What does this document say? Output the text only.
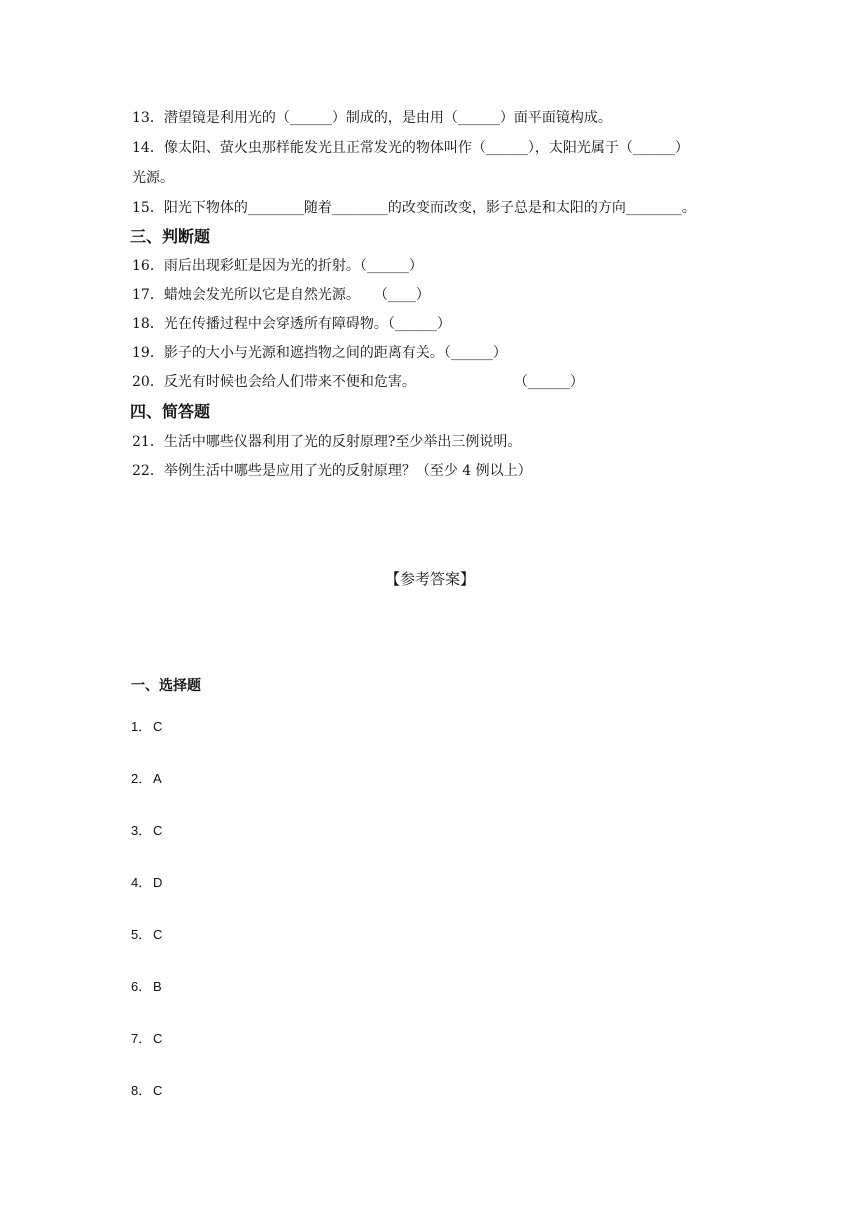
13．潜望镜是利用光的（______）制成的，是由用（______）面平面镜构成。
14．像太阳、萤火虫那样能发光且正常发光的物体叫作（______），太阳光属于（______）
光源。
15．阳光下物体的________随着________的改变而改变，影子总是和太阳的方向________。
三、判断题
16．雨后出现彩虹是因为光的折射。（______）
17．蜡烛会发光所以它是自然光源。　　（____）
18．光在传播过程中会穿透所有障碍物。（______）
19．影子的大小与光源和遮挡物之间的距离有关。（______）
20．反光有时候也会给人们带来不便和危害。　　　　　　　　（______）
四、简答题
21．生活中哪些仪器利用了光的反射原理?至少举出三例说明。
22．举例生活中哪些是应用了光的反射原理？（至少 4 例以上）
【参考答案】
一、选择题
1． C
2． A
3． C
4． D
5． C
6． B
7． C
8． C
